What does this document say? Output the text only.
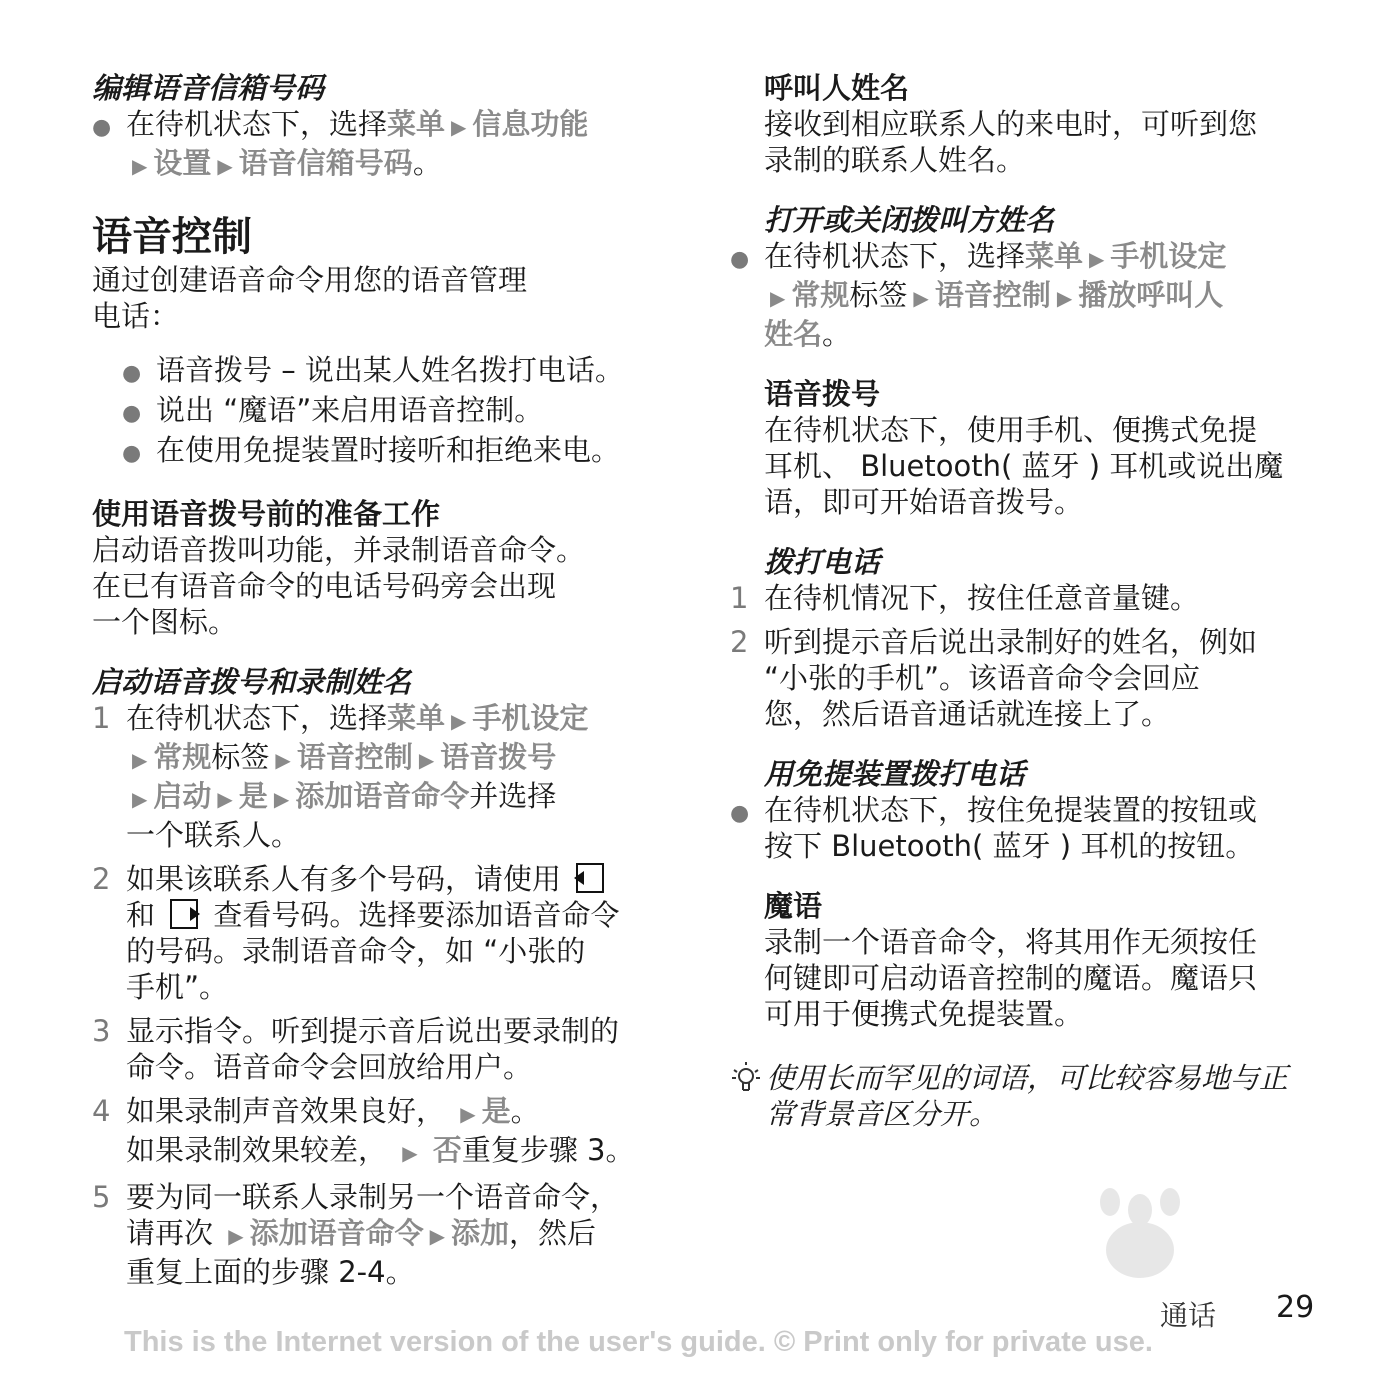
编辑语音信箱号码

● 在待机状态下，选择菜单 ▶ 信息功能
▶ 设置 ▶ 语音信箱号码。

语音控制

通过创建语音命令用您的语音管理
电话：
● 语音拨号 – 说出某人姓名拨打电话。
● 说出 “魔语”来启用语音控制。
● 在使用免提装置时接听和拒绝来电。

使用语音拨号前的准备工作

启动语音拨叫功能，并录制语音命令。
在已有语音命令的电话号码旁会出现
一个图标。

启动语音拨号和录制姓名

1 在待机状态下，选择菜单 ▶ 手机设定
▶ 常规标签 ▶ 语音控制 ▶ 语音拨号
▶ 启动 ▶ 是 ▶ 添加语音命令并选择
一个联系人。
2 如果该联系人有多个号码，请使用
和  查看号码。选择要添加语音命令
的号码。录制语音命令，如 “小张的
手机”。
3 显示指令。听到提示音后说出要录制的
命令。语音命令会回放给用户。
4 如果录制声音效果良好， ▶ 是。
如果录制效果较差， ▶ 否重复步骤 3。
5 要为同一联系人录制另一个语音命令，
请再次 ▶ 添加语音命令 ▶ 添加，然后
重复上面的步骤 2-4。

呼叫人姓名

接收到相应联系人的来电时，可听到您
录制的联系人姓名。

打开或关闭拨叫方姓名

● 在待机状态下，选择菜单 ▶ 手机设定
▶ 常规标签 ▶ 语音控制 ▶ 播放呼叫人
姓名。

语音拨号

在待机状态下，使用手机、便携式免提
耳机、 Bluetooth( 蓝牙 ) 耳机或说出魔
语，即可开始语音拨号。

拨打电话

1 在待机情况下，按住任意音量键。
2 听到提示音后说出录制好的姓名，例如
“小张的手机”。该语音命令会回应
您，然后语音通话就连接上了。

用免提装置拨打电话

● 在待机状态下，按住免提装置的按钮或
按下 Bluetooth( 蓝牙 ) 耳机的按钮。

魔语

录制一个语音命令，将其用作无须按任
何键即可启动语音控制的魔语。魔语只
可用于便携式免提装置。
使用长而罕见的词语，可比较容易地与正
常背景音区分开。
通话 29
This is the Internet version of the user's guide. © Print only for private use.
